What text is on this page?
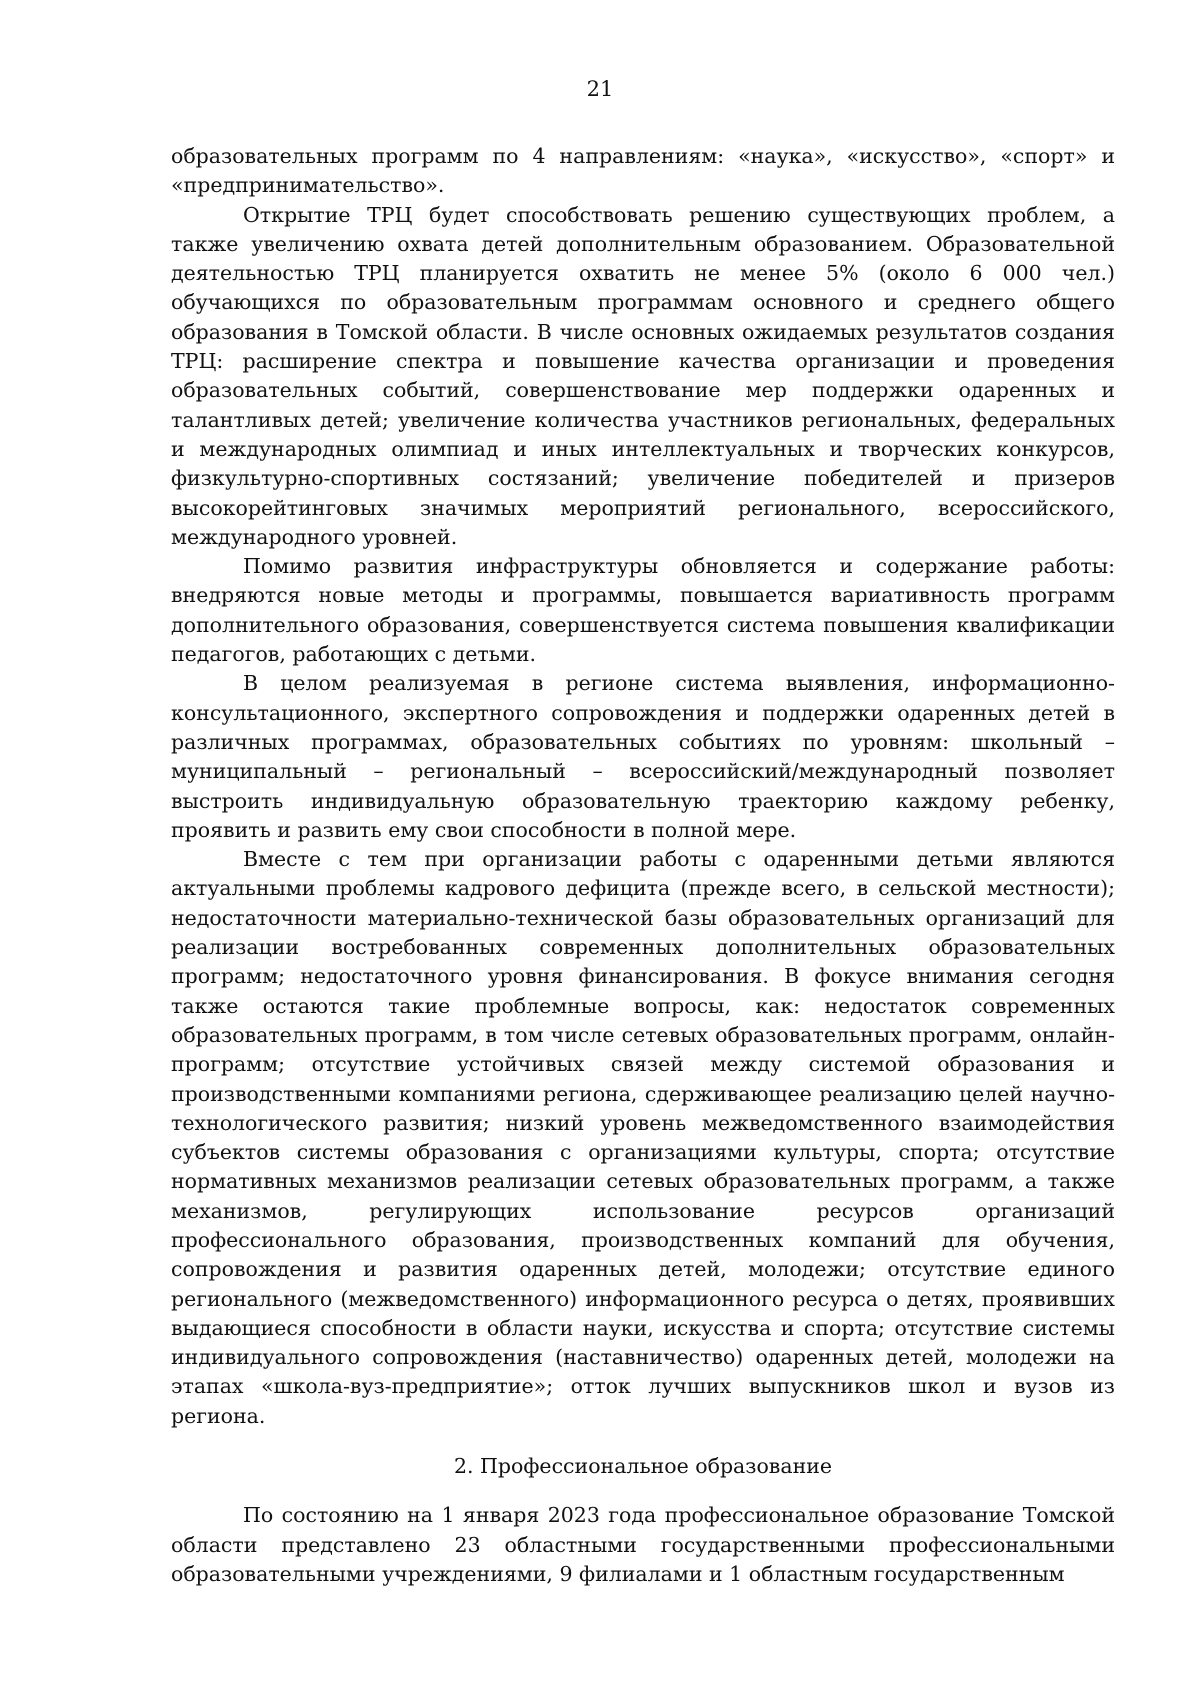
21

образовательных программ по 4 направлениям: «наука», «искусство», «спорт» и «предпринимательство».

Открытие ТРЦ будет способствовать решению существующих проблем, а также увеличению охвата детей дополнительным образованием. Образовательной деятельностью ТРЦ планируется охватить не менее 5% (около 6 000 чел.) обучающихся по образовательным программам основного и среднего общего образования в Томской области. В числе основных ожидаемых результатов создания ТРЦ: расширение спектра и повышение качества организации и проведения образовательных событий, совершенствование мер поддержки одаренных и талантливых детей; увеличение количества участников региональных, федеральных и международных олимпиад и иных интеллектуальных и творческих конкурсов, физкультурно-спортивных состязаний; увеличение победителей и призеров высокорейтинговых значимых мероприятий регионального, всероссийского, международного уровней.

Помимо развития инфраструктуры обновляется и содержание работы: внедряются новые методы и программы, повышается вариативность программ дополнительного образования, совершенствуется система повышения квалификации педагогов, работающих с детьми.

В целом реализуемая в регионе система выявления, информационно-консультационного, экспертного сопровождения и поддержки одаренных детей в различных программах, образовательных событиях по уровням: школьный – муниципальный – региональный – всероссийский/международный позволяет выстроить индивидуальную образовательную траекторию каждому ребенку, проявить и развить ему свои способности в полной мере.

Вместе с тем при организации работы с одаренными детьми являются актуальными проблемы кадрового дефицита (прежде всего, в сельской местности); недостаточности материально-технической базы образовательных организаций для реализации востребованных современных дополнительных образовательных программ; недостаточного уровня финансирования. В фокусе внимания сегодня также остаются такие проблемные вопросы, как: недостаток современных образовательных программ, в том числе сетевых образовательных программ, онлайн-программ; отсутствие устойчивых связей между системой образования и производственными компаниями региона, сдерживающее реализацию целей научно-технологического развития; низкий уровень межведомственного взаимодействия субъектов системы образования с организациями культуры, спорта; отсутствие нормативных механизмов реализации сетевых образовательных программ, а также механизмов, регулирующих использование ресурсов организаций профессионального образования, производственных компаний для обучения, сопровождения и развития одаренных детей, молодежи; отсутствие единого регионального (межведомственного) информационного ресурса о детях, проявивших выдающиеся способности в области науки, искусства и спорта; отсутствие системы индивидуального сопровождения (наставничество) одаренных детей, молодежи на этапах «школа-вуз-предприятие»; отток лучших выпускников школ и вузов из региона.

2. Профессиональное образование

По состоянию на 1 января 2023 года профессиональное образование Томской области представлено 23 областными государственными профессиональными образовательными учреждениями, 9 филиалами и 1 областным государственным
